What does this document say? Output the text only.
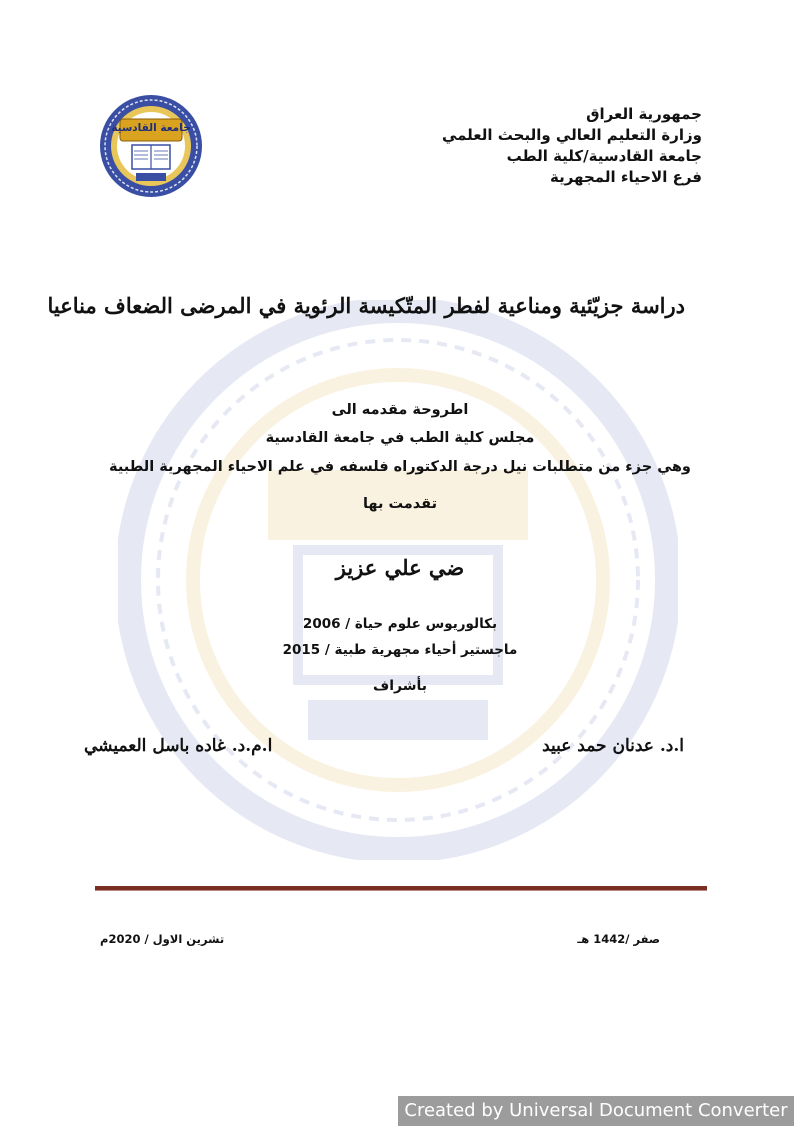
جامعة القادسية
جمهورية العراق
وزارة التعليم العالي والبحث العلمي
جامعة القادسية/كلية الطب
فرع الاحياء المجهرية
دراسة جزيّئية ومناعية لفطر المتّكيسة الرئوية في المرضى الضعاف مناعيا
اطروحة مقدمه الى
مجلس كلية الطب في جامعة القادسية
وهي جزء من متطلبات نيل درجة الدكتوراه فلسفه في علم الاحياء المجهرية الطبية
تقدمت بها
ضي علي عزيز
بكالوريوس علوم حياة / 2006
ماجستير أحياء مجهرية طبية / 2015
بأشراف
ا.د. عدنان حمد عبيد
ا.م.د. غاده باسل العميشي
صفر /1442 هـ
تشرين الاول / 2020م
Created by Universal Document Converter
